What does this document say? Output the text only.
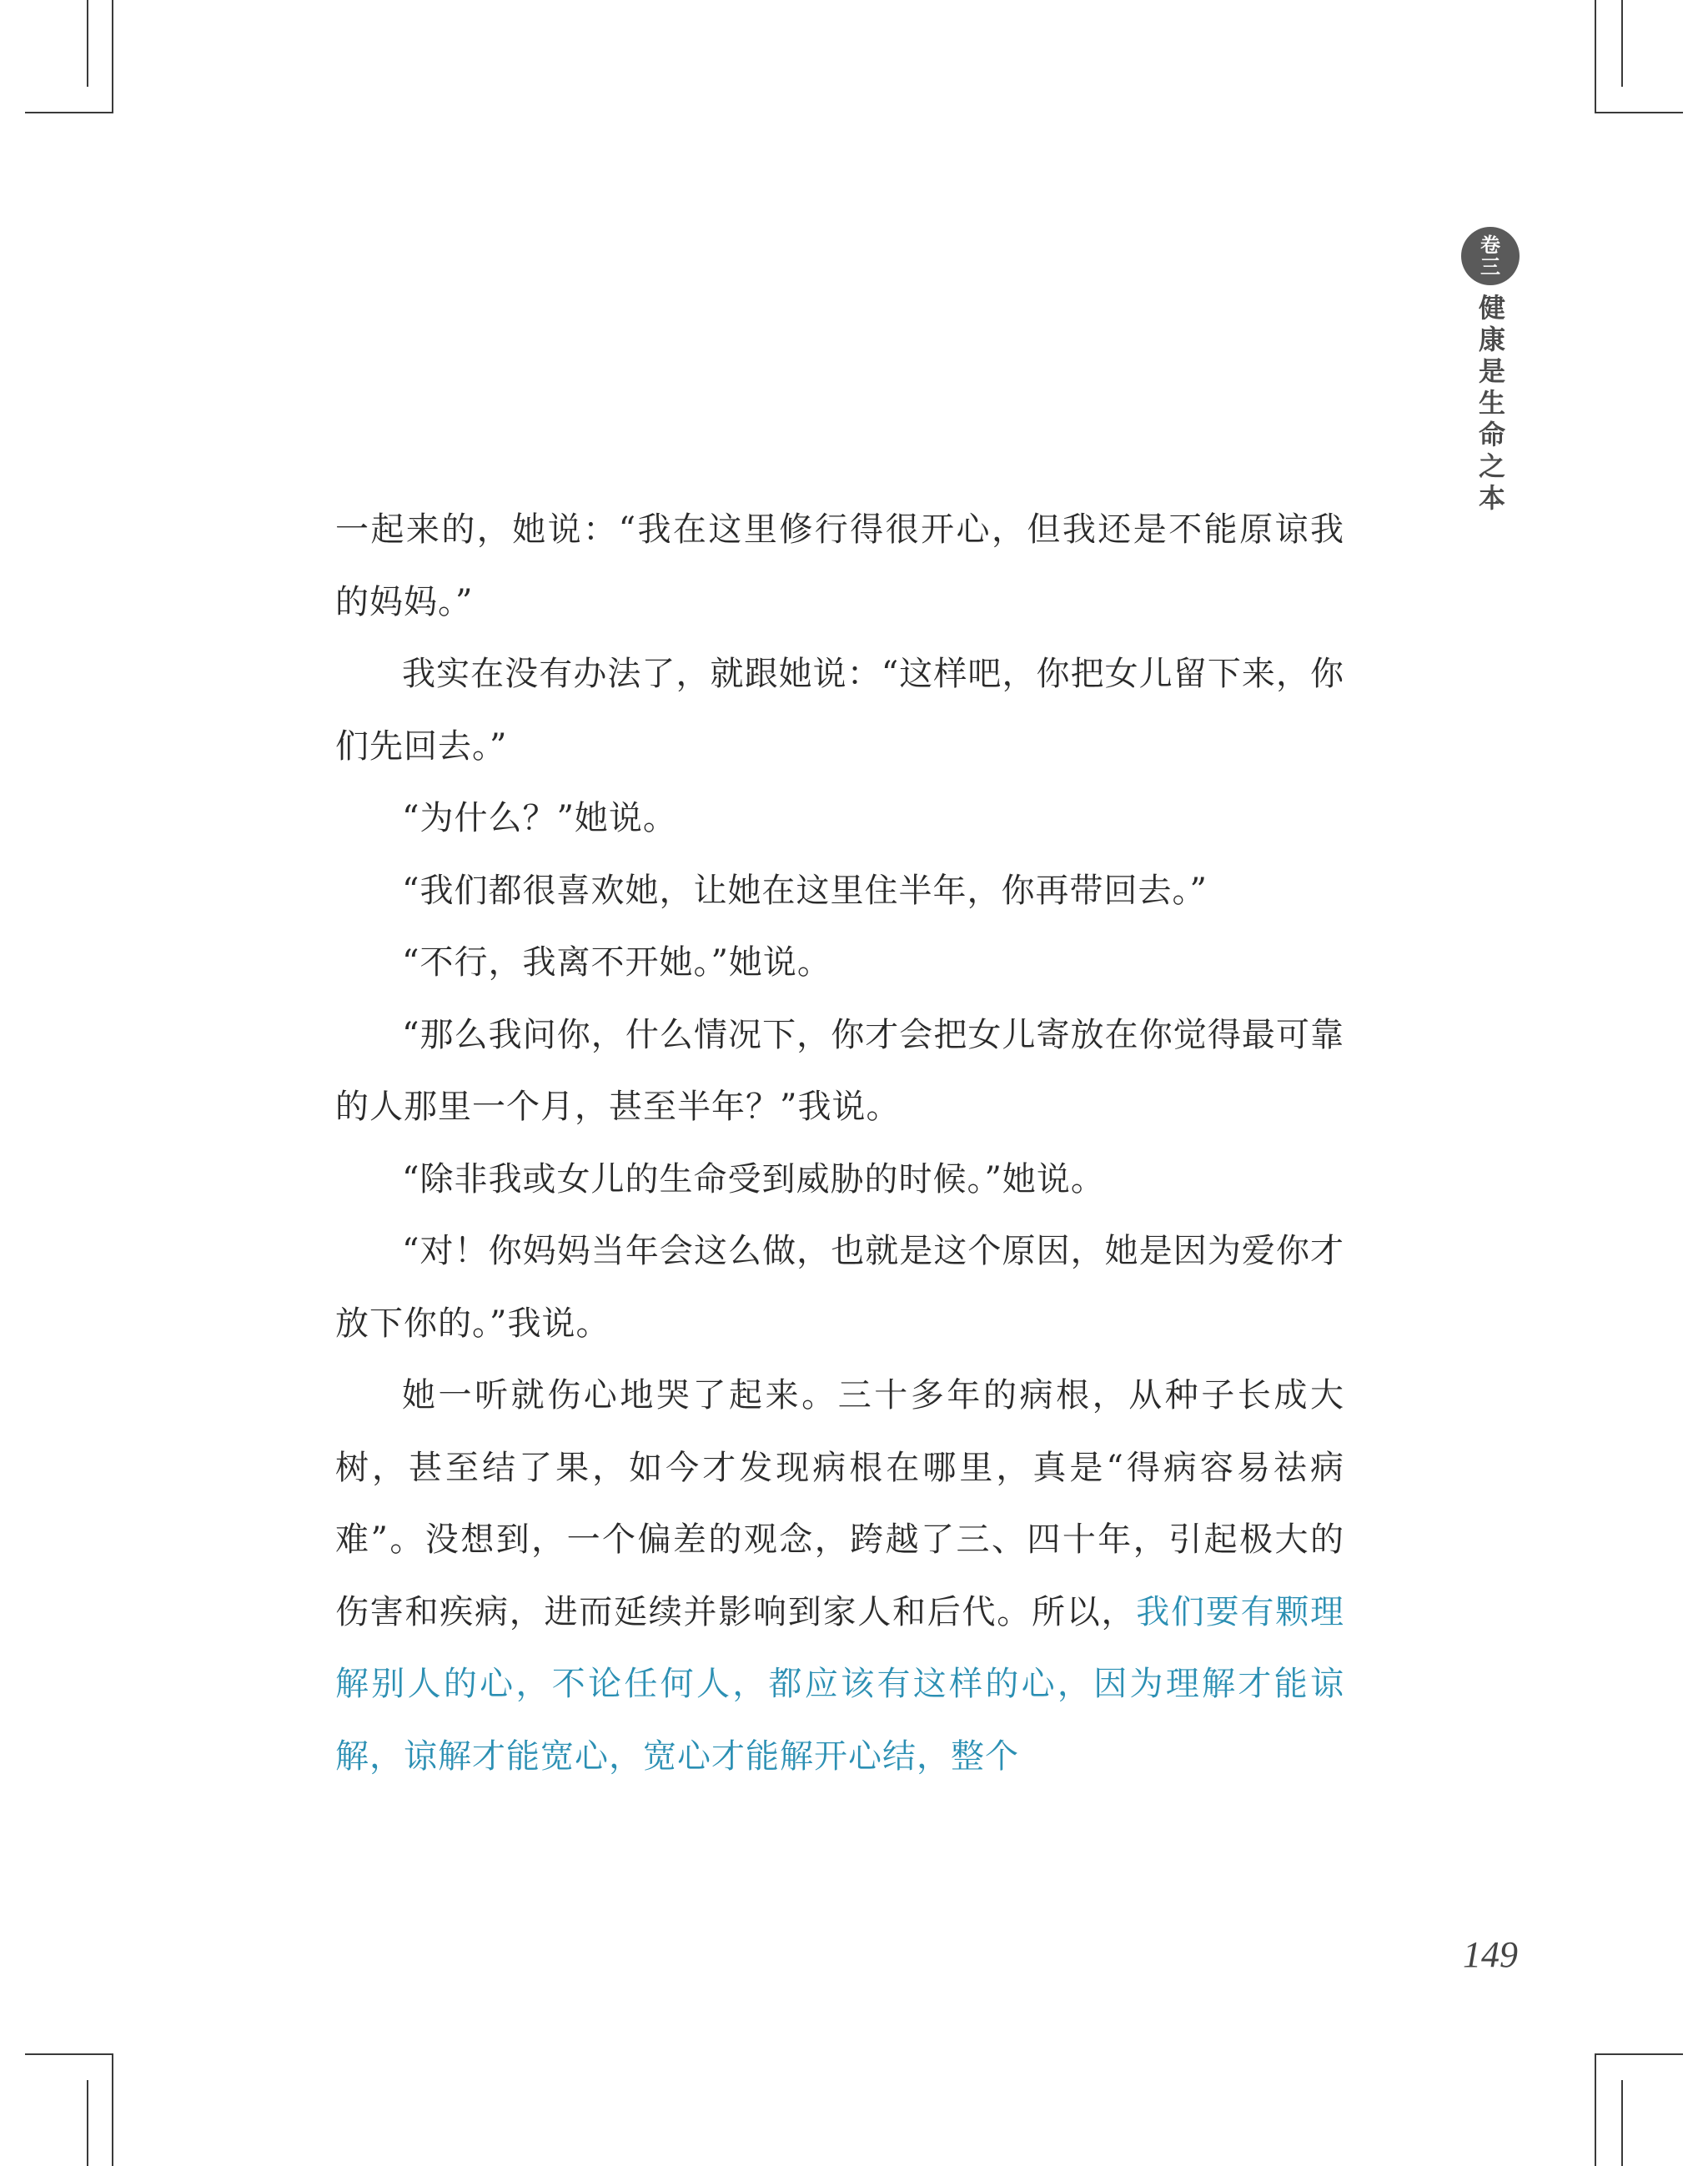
卷
三
健康是生命之本

一起来的，她说：“我在这里修行得很开心，但我还是不能原谅我的妈妈。”

我实在没有办法了，就跟她说：“这样吧，你把女儿留下来，你们先回去。”

“为什么？”她说。

“我们都很喜欢她，让她在这里住半年，你再带回去。”

“不行，我离不开她。”她说。

“那么我问你，什么情况下，你才会把女儿寄放在你觉得最可靠的人那里一个月，甚至半年？”我说。

“除非我或女儿的生命受到威胁的时候。”她说。

“对！你妈妈当年会这么做，也就是这个原因，她是因为爱你才放下你的。”我说。

她一听就伤心地哭了起来。三十多年的病根，从种子长成大树，甚至结了果，如今才发现病根在哪里，真是“得病容易祛病难”。没想到，一个偏差的观念，跨越了三、四十年，引起极大的伤害和疾病，进而延续并影响到家人和后代。所以，我们要有颗理解别人的心，不论任何人，都应该有这样的心，因为理解才能谅解，谅解才能宽心，宽心才能解开心结，整个

149
